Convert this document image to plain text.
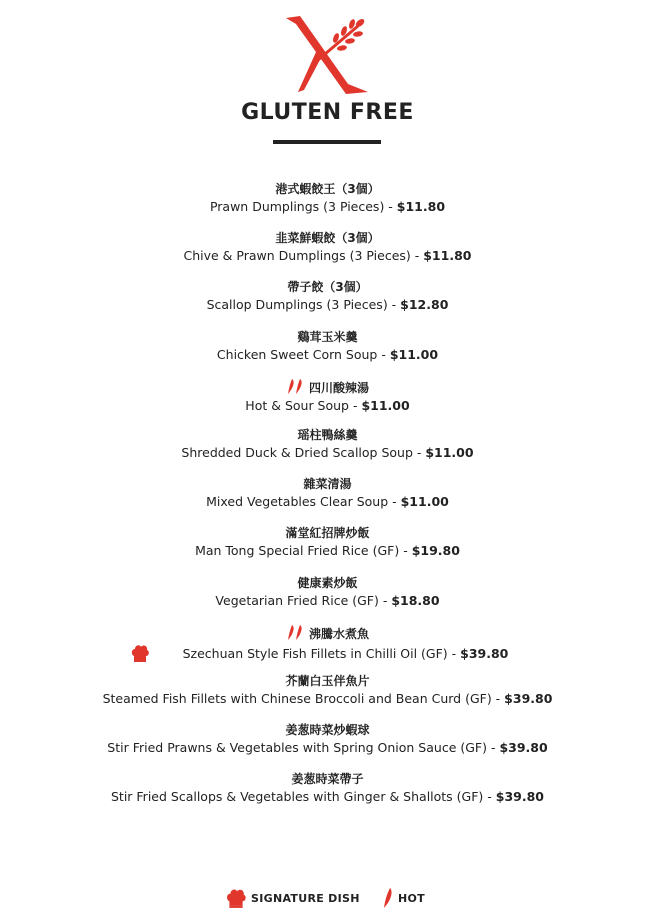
GLUTEN FREE
港式蝦餃王（3個）
Prawn Dumplings (3 Pieces) - $11.80
韭菜鮮蝦餃（3個）
Chive & Prawn Dumplings (3 Pieces) - $11.80
帶子餃（3個）
Scallop Dumplings (3 Pieces) - $12.80
鷄茸玉米羹
Chicken Sweet Corn Soup - $11.00
四川酸辣湯
Hot & Sour Soup - $11.00
瑶柱鴨絲羹
Shredded Duck & Dried Scallop Soup - $11.00
雜菜清湯
Mixed Vegetables Clear Soup - $11.00
滿堂紅招牌炒飯
Man Tong Special Fried Rice (GF) - $19.80
健康素炒飯
Vegetarian Fried Rice (GF) - $18.80
沸騰水煮魚
Szechuan Style Fish Fillets in Chilli Oil (GF) - $39.80
芥蘭白玉伴魚片
Steamed Fish Fillets with Chinese Broccoli and Bean Curd (GF) - $39.80
姜葱時菜炒蝦球
Stir Fried Prawns & Vegetables with Spring Onion Sauce (GF) - $39.80
姜葱時菜帶子
Stir Fried Scallops & Vegetables with Ginger & Shallots (GF) - $39.80
SIGNATURE DISH	HOT
